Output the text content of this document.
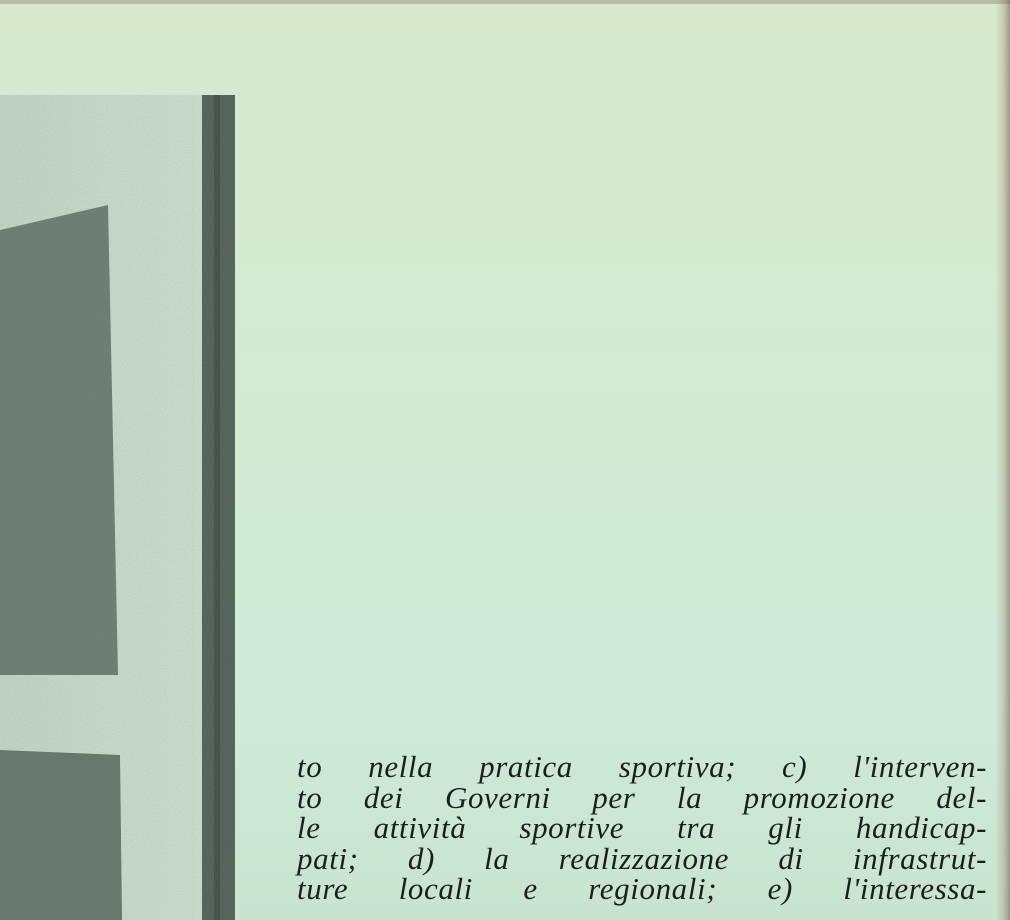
to nella pratica sportiva; c) l'interven-
to dei Governi per la promozione del-
le attività sportive tra gli handicap-
pati; d) la realizzazione di infrastrut-
ture locali e regionali; e) l'interessa-
